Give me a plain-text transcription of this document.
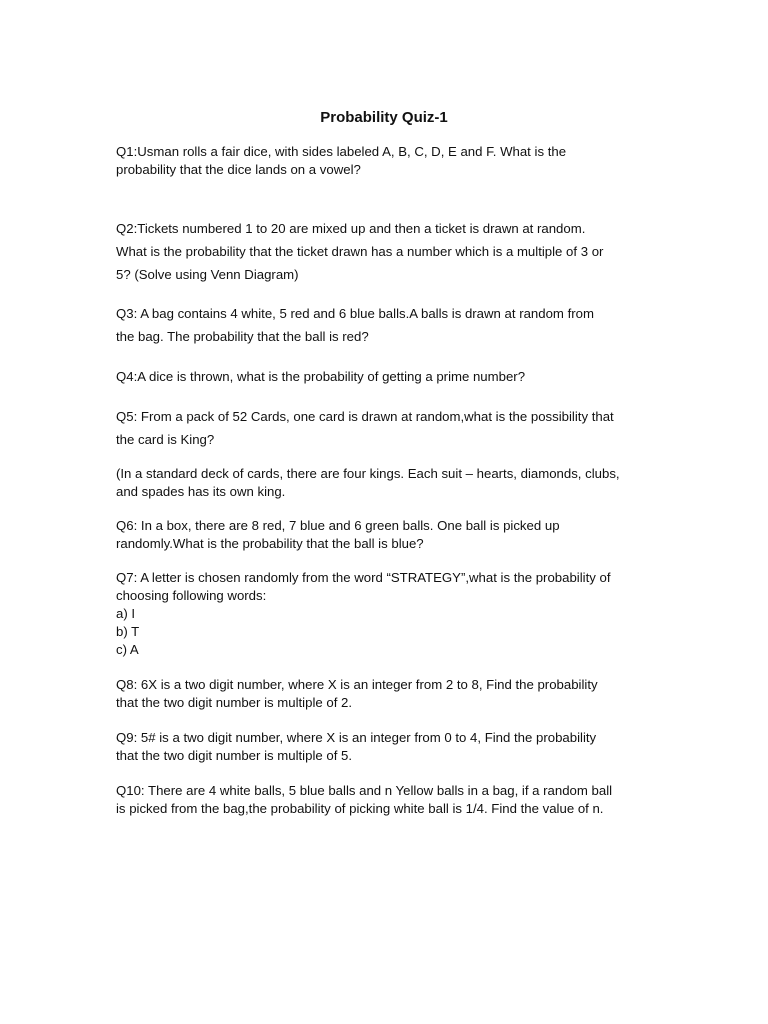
Probability Quiz-1
Q1:Usman rolls a fair dice, with sides labeled A, B, C, D, E and F. What is the
probability that the dice lands on a vowel?
Q2:Tickets numbered 1 to 20 are mixed up and then a ticket is drawn at random.
What is the probability that the ticket drawn has a number which is a multiple of 3 or
5? (Solve using Venn Diagram)
Q3: A bag contains 4 white, 5 red and 6 blue balls.A balls is drawn at random from
the bag. The probability that the ball is red?
Q4:A dice is thrown, what is the probability of getting a prime number?
Q5: From a pack of 52 Cards, one card is drawn at random,what is the possibility that
the card is King?
(In a standard deck of cards, there are four kings. Each suit – hearts, diamonds, clubs,
and spades has its own king.
Q6: In a box, there are 8 red, 7 blue and 6 green balls. One ball is picked up
randomly.What is the probability that the ball is blue?
Q7: A letter is chosen randomly from the word “STRATEGY”,what is the probability of
choosing following words:
a) I
b) T
c) A
Q8: 6X is a two digit number, where X is an integer from 2 to 8, Find the probability
that the two digit number is multiple of 2.
Q9: 5# is a two digit number, where X is an integer from 0 to 4, Find the probability
that the two digit number is multiple of 5.
Q10: There are 4 white balls, 5 blue balls and n Yellow balls in a bag, if a random ball
is picked from the bag,the probability of picking white ball is 1/4. Find the value of n.
